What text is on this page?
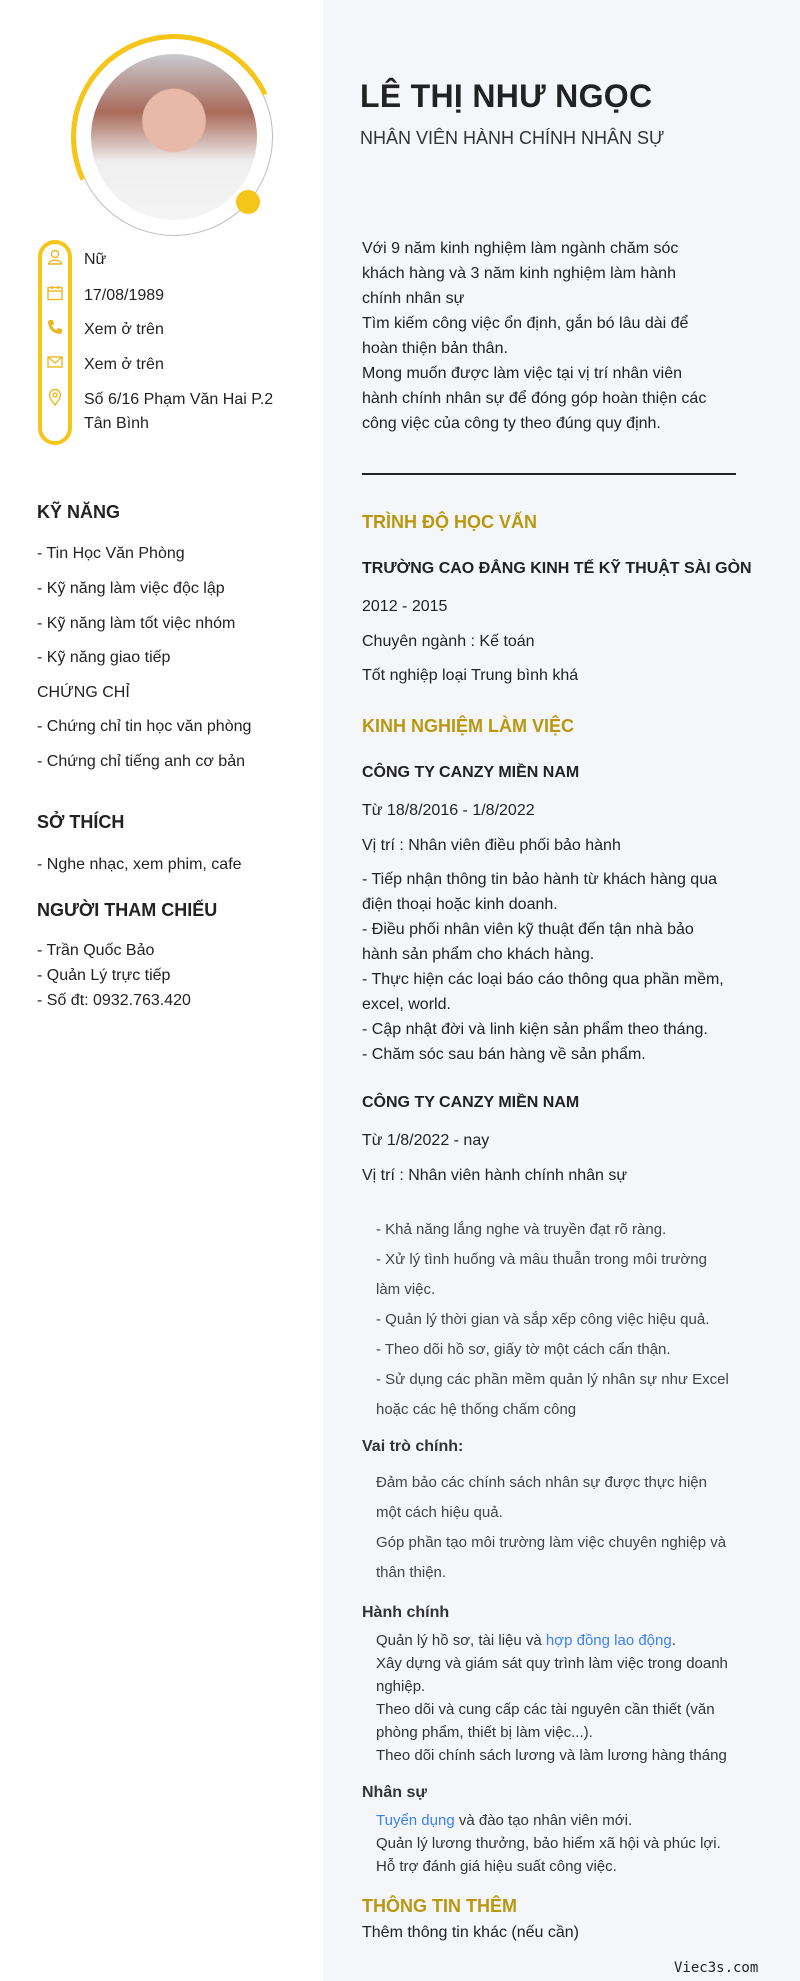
Nữ
17/08/1989
Xem ở trên
Xem ở trên
Số 6/16 Phạm Văn Hai P.2
Tân Bình
KỸ NĂNG
- Tin Học Văn Phòng
- Kỹ năng làm việc độc lập
- Kỹ năng làm tốt việc nhóm
- Kỹ năng giao tiếp
CHỨNG CHỈ
- Chứng chỉ tin học văn phòng
- Chứng chỉ tiếng anh cơ bản
SỞ THÍCH
- Nghe nhạc, xem phim, cafe
NGƯỜI THAM CHIẾU
- Trần Quốc Bảo
- Quản Lý trực tiếp
- Số đt: 0932.763.420
LÊ THỊ NHƯ NGỌC
NHÂN VIÊN HÀNH CHÍNH NHÂN SỰ
Với 9 năm kinh nghiệm làm ngành chăm sóc
khách hàng và 3 năm kinh nghiệm làm hành
chính nhân sự
Tìm kiếm công việc ổn định, gắn bó lâu dài để
hoàn thiện bản thân.
Mong muốn được làm việc tại vị trí nhân viên
hành chính nhân sự để đóng góp hoàn thiện các
công việc của công ty theo đúng quy định.
TRÌNH ĐỘ HỌC VẤN
TRƯỜNG CAO ĐẲNG KINH TẾ KỸ THUẬT SÀI GÒN
2012 - 2015
Chuyên ngành : Kế toán
Tốt nghiệp loại Trung bình khá
KINH NGHIỆM LÀM VIỆC
CÔNG TY CANZY MIỀN NAM
Từ 18/8/2016 - 1/8/2022
Vị trí : Nhân viên điều phối bảo hành
- Tiếp nhận thông tin bảo hành từ khách hàng qua
điện thoại hoặc kinh doanh.
- Điều phối nhân viên kỹ thuật đến tận nhà bảo
hành sản phẩm cho khách hàng.
- Thực hiện các loại báo cáo thông qua phần mềm,
excel, world.
- Cập nhật đời và linh kiện sản phẩm theo tháng.
- Chăm sóc sau bán hàng về sản phẩm.
CÔNG TY CANZY MIỀN NAM
Từ 1/8/2022 - nay
Vị trí : Nhân viên hành chính nhân sự
- Khả năng lắng nghe và truyền đạt rõ ràng.
- Xử lý tình huống và mâu thuẫn trong môi trường
làm việc.
- Quản lý thời gian và sắp xếp công việc hiệu quả.
- Theo dõi hồ sơ, giấy tờ một cách cẩn thận.
- Sử dụng các phần mềm quản lý nhân sự như Excel
hoặc các hệ thống chấm công
Vai trò chính:
Đảm bảo các chính sách nhân sự được thực hiện
một cách hiệu quả.
Góp phần tạo môi trường làm việc chuyên nghiệp và
thân thiện.
Hành chính
Quản lý hồ sơ, tài liệu và hợp đồng lao động.
Xây dựng và giám sát quy trình làm việc trong doanh
nghiệp.
Theo dõi và cung cấp các tài nguyên cần thiết (văn
phòng phẩm, thiết bị làm việc...).
Theo dõi chính sách lương và làm lương hàng tháng
Nhân sự
Tuyển dụng và đào tạo nhân viên mới.
Quản lý lương thưởng, bảo hiểm xã hội và phúc lợi.
Hỗ trợ đánh giá hiệu suất công việc.
THÔNG TIN THÊM
Thêm thông tin khác (nếu cần)
Viec3s.com
